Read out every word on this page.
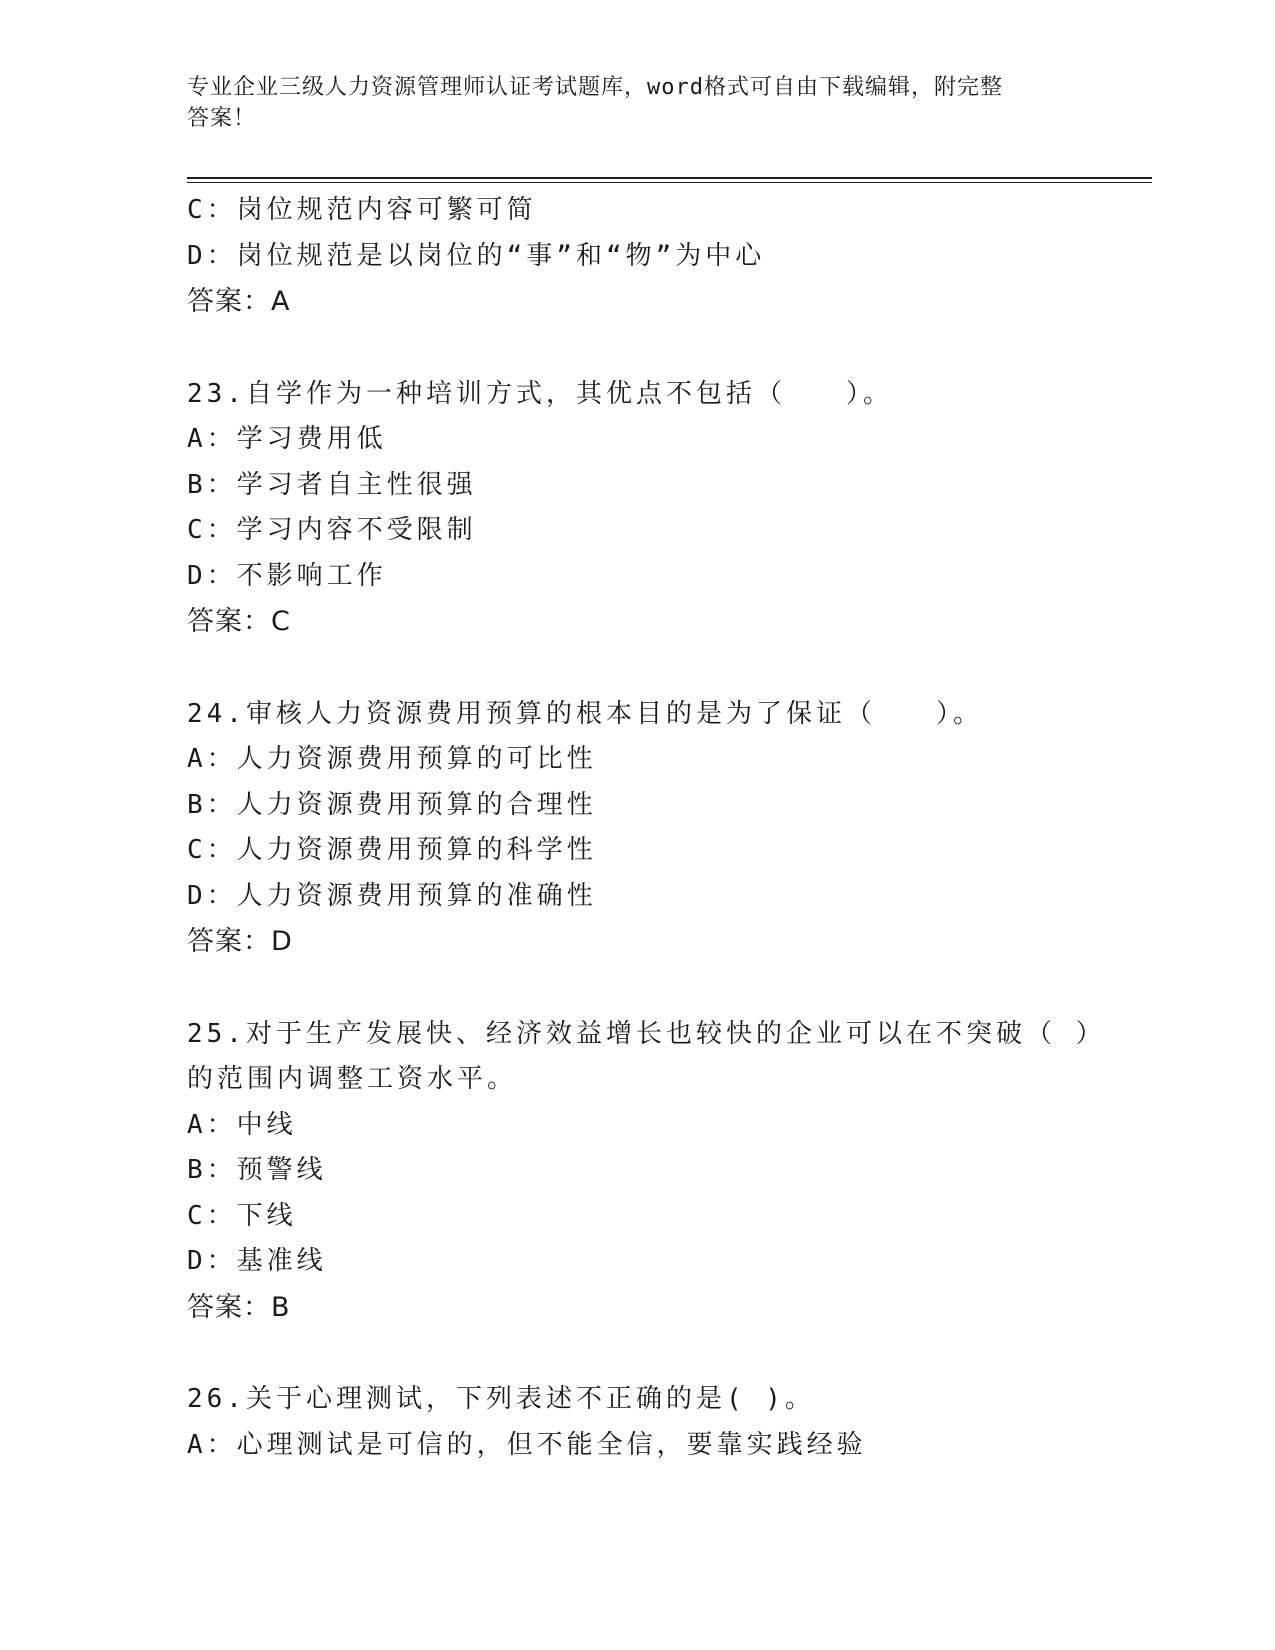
专业企业三级人力资源管理师认证考试题库，word格式可自由下载编辑，附完整
答案！
C：岗位规范内容可繁可简
D：岗位规范是以岗位的“事”和“物”为中心
答案：A
23.自学作为一种培训方式，其优点不包括（　　）。
A：学习费用低
B：学习者自主性很强
C：学习内容不受限制
D：不影响工作
答案：C
24.审核人力资源费用预算的根本目的是为了保证（　　）。
A：人力资源费用预算的可比性
B：人力资源费用预算的合理性
C：人力资源费用预算的科学性
D：人力资源费用预算的准确性
答案：D
25.对于生产发展快、经济效益增长也较快的企业可以在不突破（ ）
的范围内调整工资水平。
A：中线
B：预警线
C：下线
D：基准线
答案：B
26.关于心理测试，下列表述不正确的是( )。
A：心理测试是可信的，但不能全信，要靠实践经验
